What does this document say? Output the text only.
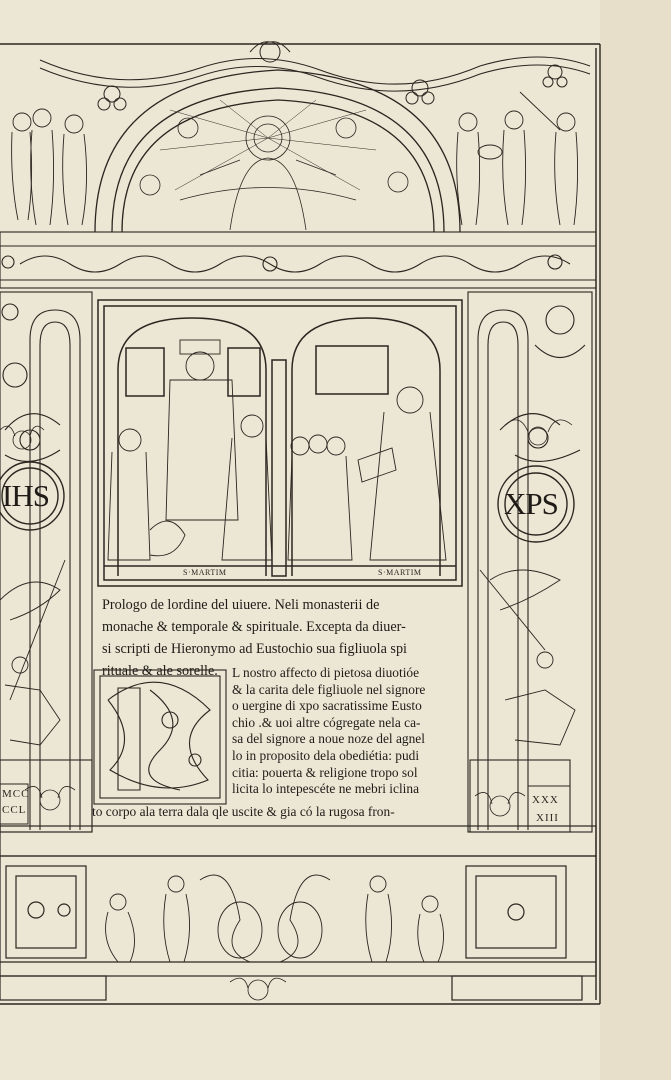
S·MARTIM	S·MARTIM
IHS	XPS
MCC
CCL
XXX
XIII
Prologo de lordine del uiuere. Neli monasterii de
monache & temporale & spirituale. Excepta da diuer-
si scripti de Hieronymo ad Eustochio sua figliuola spi
rituale & ale sorelle.	L nostro affecto di pietosa diuotióe
& la carita dele figliuole nel signore
o uergine di xpo sacratissime Eusto
chio .& uoi altre cógregate nela ca-
sa del signore a noue noze del agnel
lo in proposito dela obediétia: pudi
citia: pouerta & religione tropo sol
licita lo intepescéte ne mebri iclina
to corpo ala terra dala qle uscite & gia có la rugosa fron-
